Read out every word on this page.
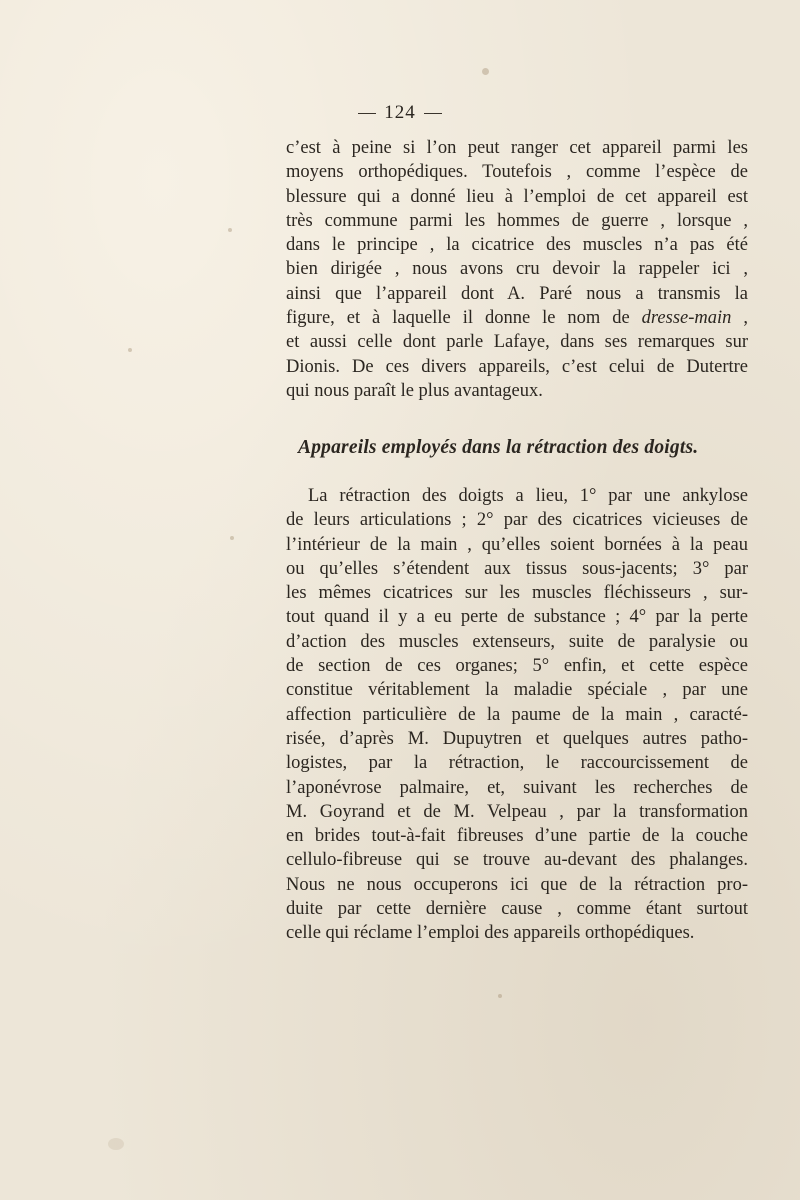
124
c’est à peine si l’on peut ranger cet appareil parmi les
moyens orthopédiques. Toutefois , comme l’espèce de
blessure qui a donné lieu à l’emploi de cet appareil est
très commune parmi les hommes de guerre , lorsque ,
dans le principe , la cicatrice des muscles n’a pas été
bien dirigée , nous avons cru devoir la rappeler ici ,
ainsi que l’appareil dont A. Paré nous a transmis la
figure, et à laquelle il donne le nom de dresse-main ,
et aussi celle dont parle Lafaye, dans ses remarques sur
Dionis. De ces divers appareils, c’est celui de Dutertre
qui nous paraît le plus avantageux.
Appareils employés dans la rétraction des doigts.
La rétraction des doigts a lieu, 1° par une ankylose
de leurs articulations ; 2° par des cicatrices vicieuses de
l’intérieur de la main , qu’elles soient bornées à la peau
ou qu’elles s’étendent aux tissus sous-jacents; 3° par
les mêmes cicatrices sur les muscles fléchisseurs , sur-
tout quand il y a eu perte de substance ; 4° par la perte
d’action des muscles extenseurs, suite de paralysie ou
de section de ces organes; 5° enfin, et cette espèce
constitue véritablement la maladie spéciale , par une
affection particulière de la paume de la main , caracté-
risée, d’après M. Dupuytren et quelques autres patho-
logistes, par la rétraction, le raccourcissement de
l’aponévrose palmaire, et, suivant les recherches de
M. Goyrand et de M. Velpeau , par la transformation
en brides tout-à-fait fibreuses d’une partie de la couche
cellulo-fibreuse qui se trouve au-devant des phalanges.
Nous ne nous occuperons ici que de la rétraction pro-
duite par cette dernière cause , comme étant surtout
celle qui réclame l’emploi des appareils orthopédiques.
